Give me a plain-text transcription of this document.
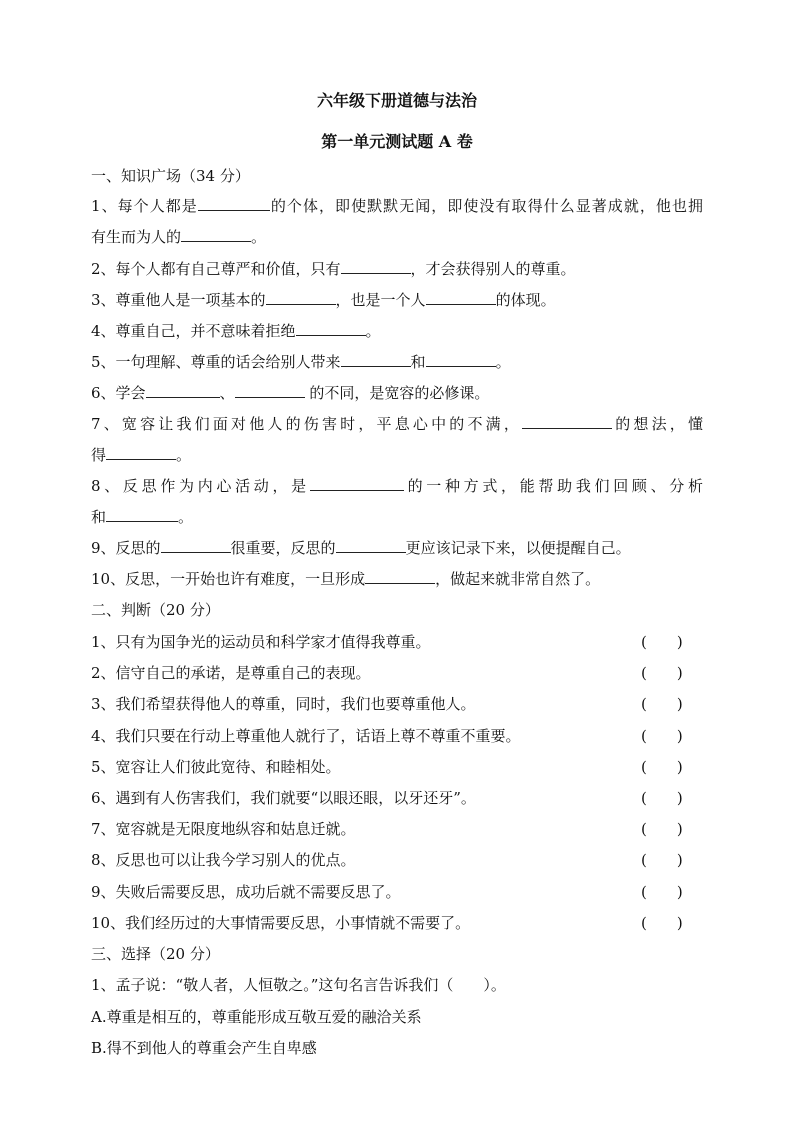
六年级下册道德与法治
第一单元测试题 A 卷
一、知识广场（34 分）
1、每个人都是	的个体，即使默默无闻，即使没有取得什么显著成就，他也拥
有生而为人的	。
2、每个人都有自己尊严和价值，只有	，才会获得别人的尊重。
3、尊重他人是一项基本的	，也是一个人	的体现。
4、尊重自己，并不意味着拒绝	。
5、一句理解、尊重的话会给别人带来	和	。
6、学会	、	的不同，是宽容的必修课。
7、宽容让我们面对他人的伤害时，平息心中的不满，	的想法，懂
得	。
8、反思作为内心活动，是	的一种方式，能帮助我们回顾、分析
和	。
9、反思的	很重要，反思的	更应该记录下来，以便提醒自己。
10、反思，一开始也许有难度，一旦形成	，做起来就非常自然了。
二、判断（20 分）
1、只有为国争光的运动员和科学家才值得我尊重。	(　　)
2、信守自己的承诺，是尊重自己的表现。	(　　)
3、我们希望获得他人的尊重，同时，我们也要尊重他人。	(　　)
4、我们只要在行动上尊重他人就行了，话语上尊不尊重不重要。	(　　)
5、宽容让人们彼此宽待、和睦相处。	(　　)
6、遇到有人伤害我们，我们就要“以眼还眼，以牙还牙”。	(　　)
7、宽容就是无限度地纵容和姑息迁就。	(　　)
8、反思也可以让我今学习别人的优点。	(　　)
9、失败后需要反思，成功后就不需要反思了。	(　　)
10、我们经历过的大事情需要反思，小事情就不需要了。	(　　)
三、选择（20 分）
1、孟子说：“敬人者，人恒敬之。”这句名言告诉我们（　　）。
A.尊重是相互的，尊重能形成互敬互爱的融洽关系
B.得不到他人的尊重会产生自卑感
